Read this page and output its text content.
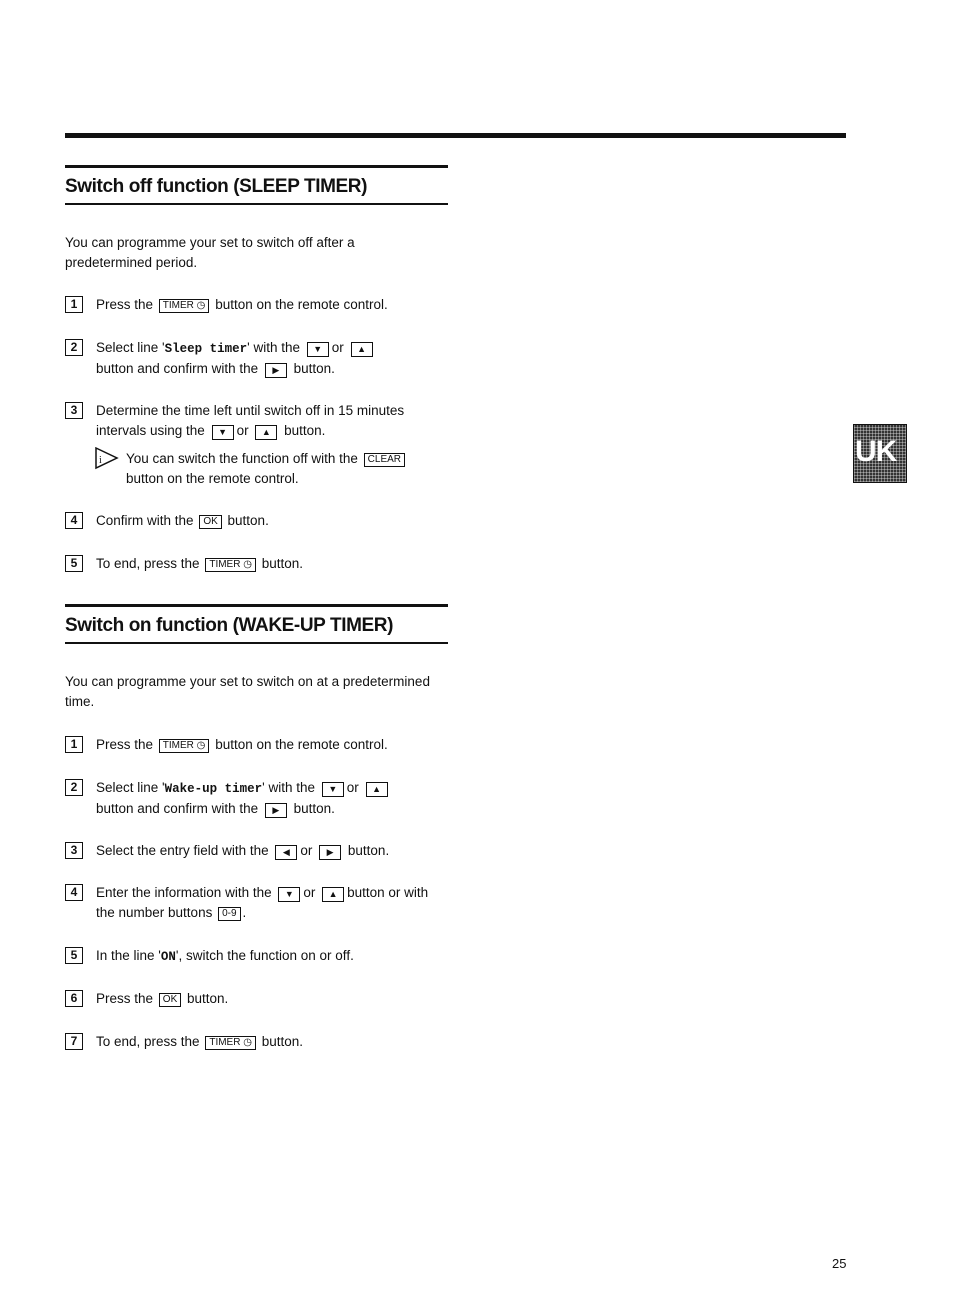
Switch off function (SLEEP TIMER)

You can programme your set to switch off after a predetermined period.

1	Press the TIMER ◷ button on the remote control.
2	Select line 'Sleep timer' with the ▼ or ▲
button and confirm with the ▶ button.
3	Determine the time left until switch off in 15 minutes intervals using the ▼ or ▲ button.
i You can switch the function off with the CLEAR
button on the remote control.
4	Confirm with the OK button.
5	To end, press the TIMER ◷ button.
Switch on function (WAKE-UP TIMER)

You can programme your set to switch on at a predetermined time.

1	Press the TIMER ◷ button on the remote control.
2	Select line 'Wake-up timer' with the ▼ or ▲
button and confirm with the ▶ button.
3	Select the entry field with the ◀ or ▶ button.
4	Enter the information with the ▼ or ▲ button or with the number buttons 0-9 .
5	In the line 'ON', switch the function on or off.
6	Press the OK button.
7	To end, press the TIMER ◷ button.
UK
25
